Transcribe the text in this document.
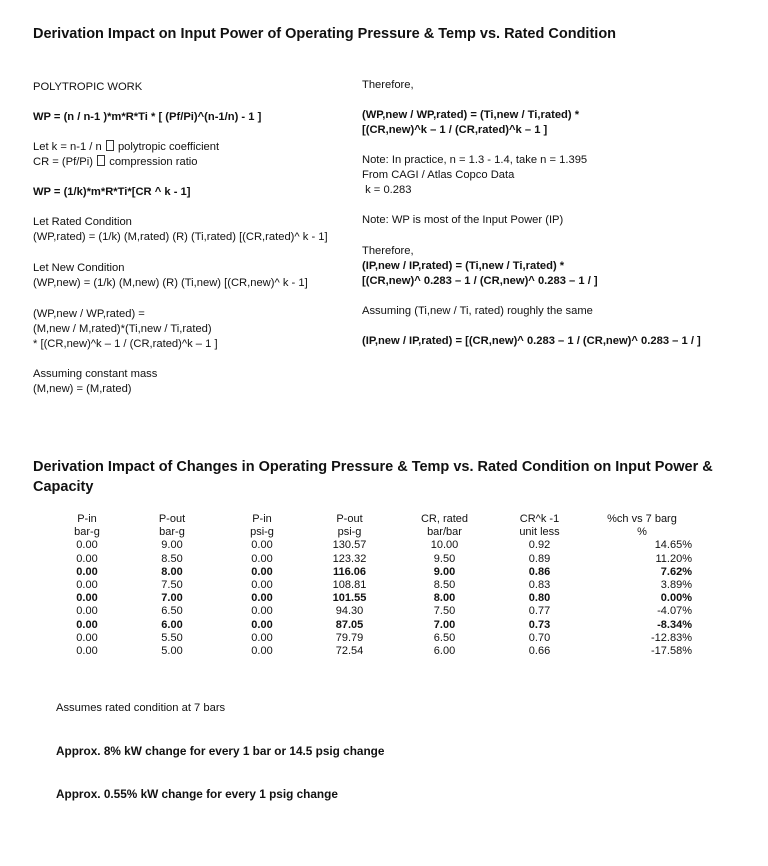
Derivation Impact on Input Power of Operating Pressure & Temp vs. Rated Condition
POLYTROPIC WORK
WP = (n / n-1 )*m*R*Ti * [ (Pf/Pi)^(n-1/n) - 1 ]
Let k = n-1 / n polytropic coefficient
CR = (Pf/Pi) compression ratio
WP = (1/k)*m*R*Ti*[CR ^ k - 1]
Let Rated Condition
(WP,rated) = (1/k) (M,rated) (R) (Ti,rated) [(CR,rated)^ k - 1]
Let New Condition
(WP,new) = (1/k) (M,new) (R) (Ti,new) [(CR,new)^ k - 1]
(WP,new / WP,rated) =
(M,new / M,rated)*(Ti,new / Ti,rated)
* [(CR,new)^k – 1 / (CR,rated)^k – 1 ]
Assuming constant mass
(M,new) = (M,rated)
Therefore,
(WP,new / WP,rated) = (Ti,new / Ti,rated) *
[(CR,new)^k – 1 / (CR,rated)^k – 1 ]
Note: In practice, n = 1.3 - 1.4, take n = 1.395
From CAGI / Atlas Copco Data
k = 0.283
Note: WP is most of the Input Power (IP)
Therefore,
(IP,new / IP,rated) = (Ti,new / Ti,rated) *
[(CR,new)^ 0.283 – 1 / (CR,new)^ 0.283 – 1 / ]
Assuming (Ti,new / Ti, rated) roughly the same
(IP,new / IP,rated) = [(CR,new)^ 0.283 – 1 / (CR,new)^ 0.283 – 1 / ]
Derivation Impact of Changes in Operating Pressure & Temp vs. Rated Condition on Input Power &
Capacity
P-in	P-out	P-in	P-out	CR, rated	CR^k -1	%ch vs 7 barg
bar-g	bar-g	psi-g	psi-g	bar/bar	unit less	%
0.00	9.00	0.00	130.57	10.00	0.92	14.65%
0.00	8.50	0.00	123.32	9.50	0.89	11.20%
0.00	8.00	0.00	116.06	9.00	0.86	7.62%
0.00	7.50	0.00	108.81	8.50	0.83	3.89%
0.00	7.00	0.00	101.55	8.00	0.80	0.00%
0.00	6.50	0.00	94.30	7.50	0.77	-4.07%
0.00	6.00	0.00	87.05	7.00	0.73	-8.34%
0.00	5.50	0.00	79.79	6.50	0.70	-12.83%
0.00	5.00	0.00	72.54	6.00	0.66	-17.58%
Assumes rated condition at 7 bars
Approx. 8% kW change for every 1 bar or 14.5 psig change
Approx. 0.55% kW change for every 1 psig change
